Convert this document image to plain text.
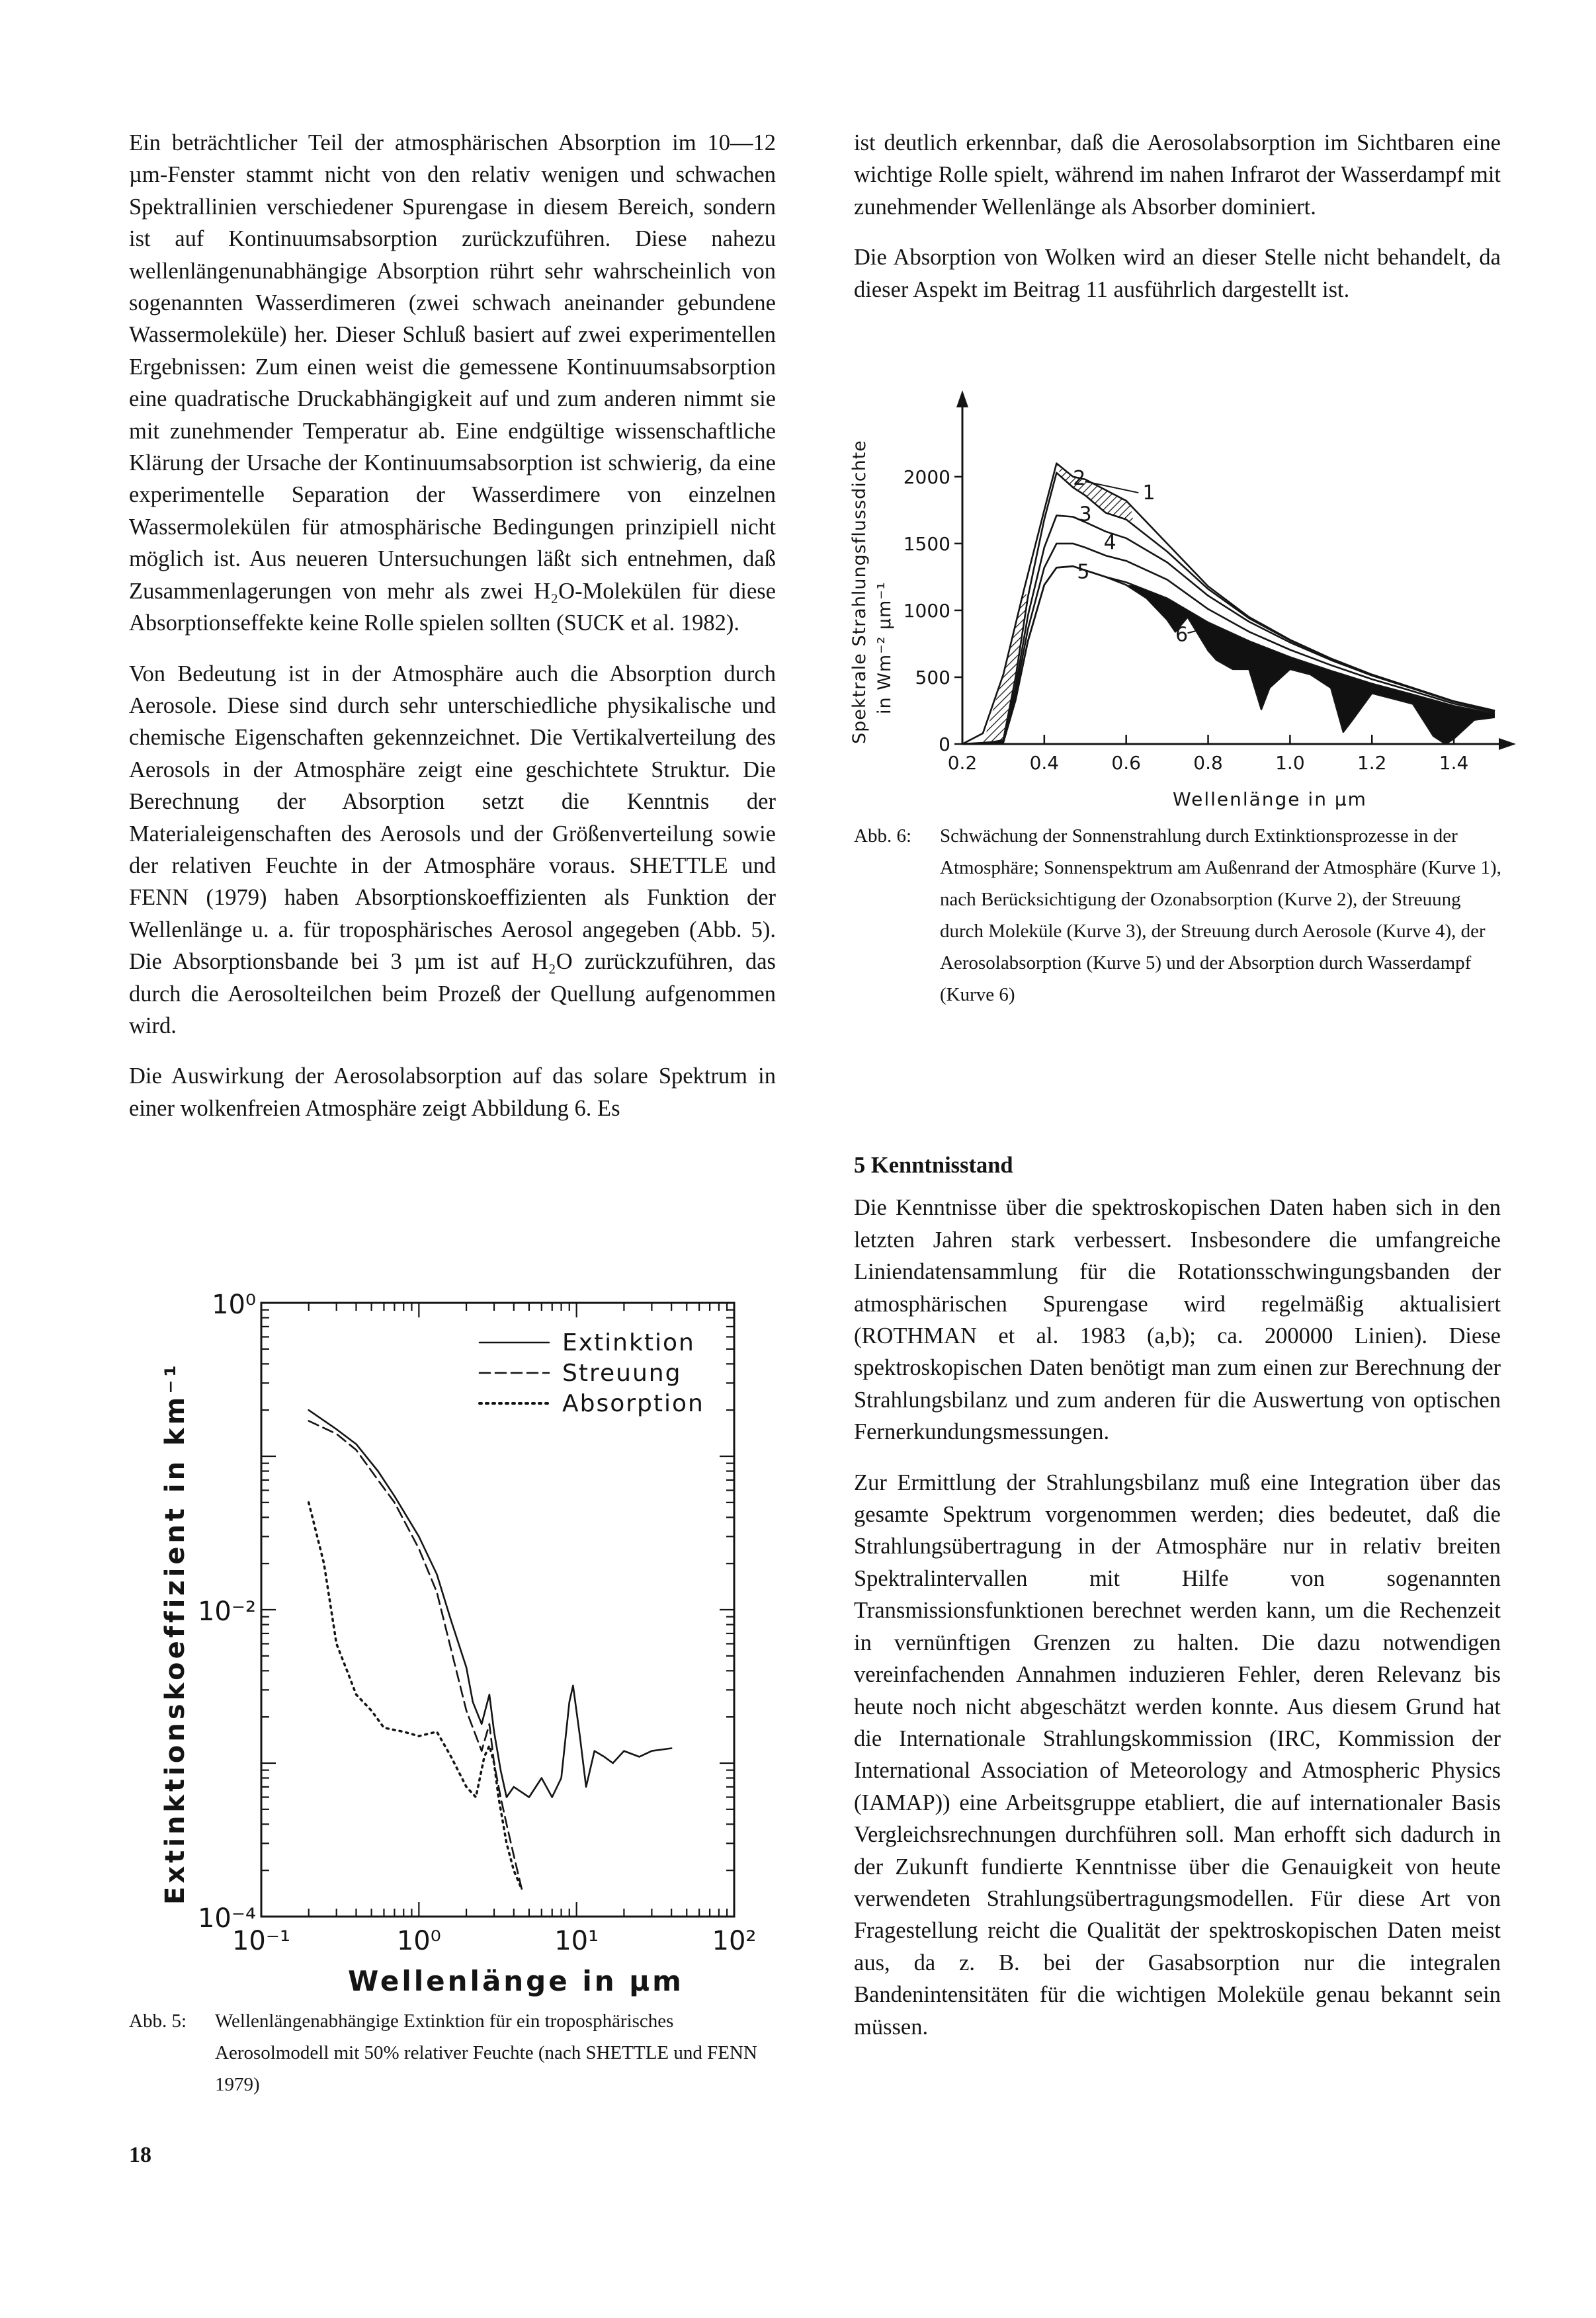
Ein beträchtlicher Teil der atmosphärischen Absorption im 10—12 µm-Fenster stammt nicht von den relativ wenigen und schwachen Spektrallinien verschiedener Spurengase in diesem Bereich, sondern ist auf Kontinuumsabsorption zurückzuführen. Diese nahezu wellenlängenunabhängige Absorption rührt sehr wahrscheinlich von sogenannten Wasserdimeren (zwei schwach aneinander gebundene Wassermoleküle) her. Dieser Schluß basiert auf zwei experimentellen Ergebnissen: Zum einen weist die gemessene Kontinuumsabsorption eine quadratische Druckabhängigkeit auf und zum anderen nimmt sie mit zunehmender Temperatur ab. Eine endgültige wissenschaftliche Klärung der Ursache der Kontinuumsabsorption ist schwierig, da eine experimentelle Separation der Wasserdimere von einzelnen Wassermolekülen für atmosphärische Bedingungen prinzipiell nicht möglich ist. Aus neueren Untersuchungen läßt sich entnehmen, daß Zusammenlagerungen von mehr als zwei H₂O-Molekülen für diese Absorptionseffekte keine Rolle spielen sollten (SUCK et al. 1982).

Von Bedeutung ist in der Atmosphäre auch die Absorption durch Aerosole. Diese sind durch sehr unterschiedliche physikalische und chemische Eigenschaften gekennzeichnet. Die Vertikalverteilung des Aerosols in der Atmosphäre zeigt eine geschichtete Struktur. Die Berechnung der Absorption setzt die Kenntnis der Materialeigenschaften des Aerosols und der Größenverteilung sowie der relativen Feuchte in der Atmosphäre voraus. SHETTLE und FENN (1979) haben Absorptionskoeffizienten als Funktion der Wellenlänge u. a. für troposphärisches Aerosol angegeben (Abb. 5). Die Absorptionsbande bei 3 µm ist auf H₂O zurückzuführen, das durch die Aerosolteilchen beim Prozeß der Quellung aufgenommen wird.

Die Auswirkung der Aerosolabsorption auf das solare Spektrum in einer wolkenfreien Atmosphäre zeigt Abbildung 6. Es

ist deutlich erkennbar, daß die Aerosolabsorption im Sichtbaren eine wichtige Rolle spielt, während im nahen Infrarot der Wasserdampf mit zunehmender Wellenlänge als Absorber dominiert.

Die Absorption von Wolken wird an dieser Stelle nicht behandelt, da dieser Aspekt im Beitrag 11 ausführlich dargestellt ist.

Spektrale Strahlungsflussdichte in Wm⁻² µm⁻¹
0
500
1000
1500
2000
0.2	0.4	0.6	0.8	1.0	1.2	1.4
1
2
3
4
5
6
Wellenlänge in µm
Abb. 6: Schwächung der Sonnenstrahlung durch Extinktionsprozesse in der Atmosphäre; Sonnenspektrum am Außenrand der Atmosphäre (Kurve 1), nach Berücksichtigung der Ozonabsorption (Kurve 2), der Streuung durch Moleküle (Kurve 3), der Streuung durch Aerosole (Kurve 4), der Aerosolabsorption (Kurve 5) und der Absorption durch Wasserdampf (Kurve 6)
5 Kenntnisstand

Die Kenntnisse über die spektroskopischen Daten haben sich in den letzten Jahren stark verbessert. Insbesondere die umfangreiche Liniendatensammlung für die Rotationsschwingungsbanden der atmosphärischen Spurengase wird regelmäßig aktualisiert (ROTHMAN et al. 1983 (a,b); ca. 200000 Linien). Diese spektroskopischen Daten benötigt man zum einen zur Berechnung der Strahlungsbilanz und zum anderen für die Auswertung von optischen Fernerkundungsmessungen.

Zur Ermittlung der Strahlungsbilanz muß eine Integration über das gesamte Spektrum vorgenommen werden; dies bedeutet, daß die Strahlungsübertragung in der Atmosphäre nur in relativ breiten Spektralintervallen mit Hilfe von sogenannten Transmissionsfunktionen berechnet werden kann, um die Rechenzeit in vernünftigen Grenzen zu halten. Die dazu notwendigen vereinfachenden Annahmen induzieren Fehler, deren Relevanz bis heute noch nicht abgeschätzt werden konnte. Aus diesem Grund hat die Internationale Strahlungskommission (IRC, Kommission der International Association of Meteorology and Atmospheric Physics (IAMAP)) eine Arbeitsgruppe etabliert, die auf internationaler Basis Vergleichsrechnungen durchführen soll. Man erhofft sich dadurch in der Zukunft fundierte Kenntnisse über die Genauigkeit von heute verwendeten Strahlungsübertragungsmodellen. Für diese Art von Fragestellung reicht die Qualität der spektroskopischen Daten meist aus, da z. B. bei der Gasabsorption nur die integralen Bandenintensitäten für die wichtigen Moleküle genau bekannt sein müssen.

Extinktionskoeffizient in km⁻¹
10⁻¹	10⁰	10¹	10²
10⁰
10⁻²
10⁻⁴
Extinktion
Streuung
Absorption
Wellenlänge in µm
Abb. 5: Wellenlängenabhängige Extinktion für ein troposphärisches Aerosolmodell mit 50% relativer Feuchte (nach SHETTLE und FENN 1979)
18
